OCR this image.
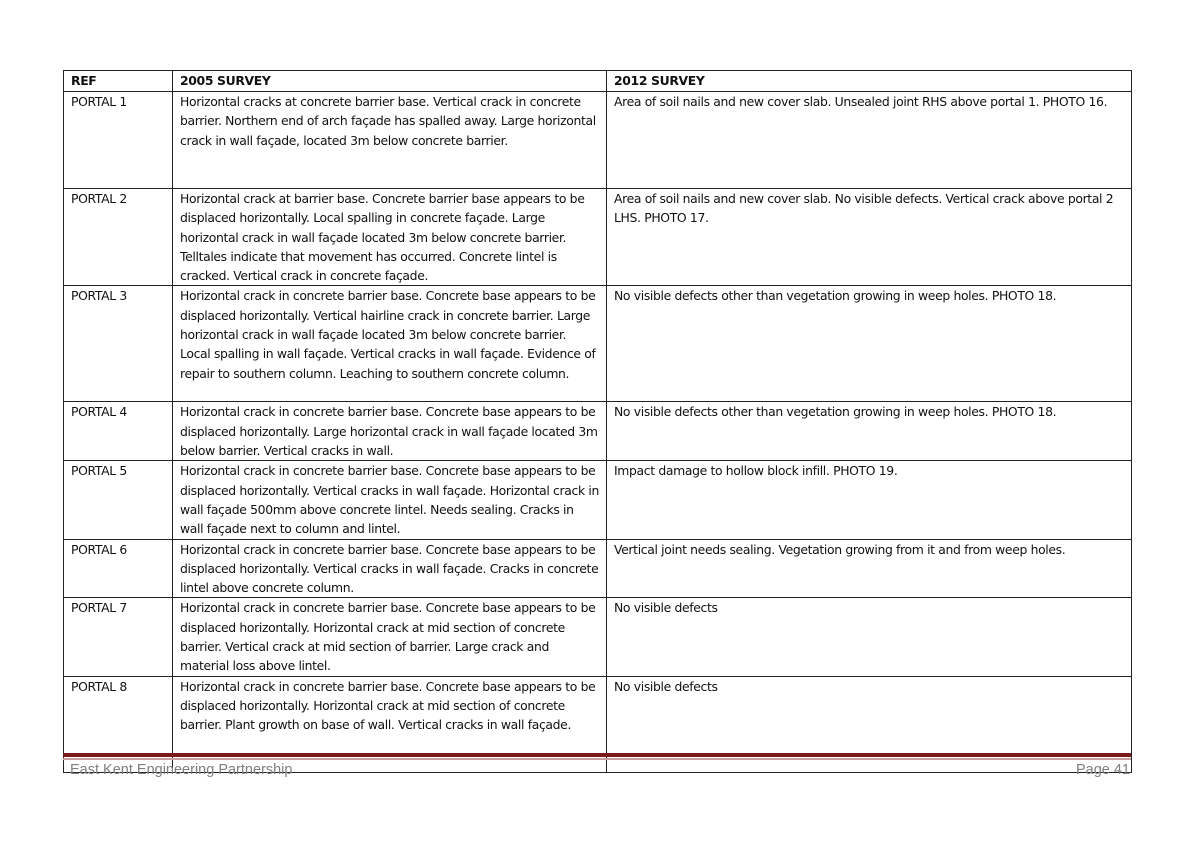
REF	2005 SURVEY	2012 SURVEY
PORTAL 1	Horizontal cracks at concrete barrier base. Vertical crack in concrete barrier. Northern end of arch façade has spalled away. Large horizontal crack in wall façade, located 3m below concrete barrier.	Area of soil nails and new cover slab. Unsealed joint RHS above portal 1. PHOTO 16.
PORTAL 2	Horizontal crack at barrier base. Concrete barrier base appears to be displaced horizontally. Local spalling in concrete façade. Large horizontal crack in wall façade located 3m below concrete barrier. Telltales indicate that movement has occurred. Concrete lintel is cracked. Vertical crack in concrete façade.	Area of soil nails and new cover slab. No visible defects. Vertical crack above portal 2 LHS. PHOTO 17.
PORTAL 3	Horizontal crack in concrete barrier base. Concrete base appears to be displaced horizontally. Vertical hairline crack in concrete barrier. Large horizontal crack in wall façade located 3m below concrete barrier. Local spalling in wall façade. Vertical cracks in wall façade. Evidence of repair to southern column. Leaching to southern concrete column.	No visible defects other than vegetation growing in weep holes. PHOTO 18.
PORTAL 4	Horizontal crack in concrete barrier base. Concrete base appears to be displaced horizontally. Large horizontal crack in wall façade located 3m below barrier. Vertical cracks in wall.	No visible defects other than vegetation growing in weep holes. PHOTO 18.
PORTAL 5	Horizontal crack in concrete barrier base. Concrete base appears to be displaced horizontally. Vertical cracks in wall façade. Horizontal crack in wall façade 500mm above concrete lintel. Needs sealing. Cracks in wall façade next to column and lintel.	Impact damage to hollow block infill. PHOTO 19.
PORTAL 6	Horizontal crack in concrete barrier base. Concrete base appears to be displaced horizontally. Vertical cracks in wall façade. Cracks in concrete lintel above concrete column.	Vertical joint needs sealing. Vegetation growing from it and from weep holes.
PORTAL 7	Horizontal crack in concrete barrier base. Concrete base appears to be displaced horizontally. Horizontal crack at mid section of concrete barrier. Vertical crack at mid section of barrier. Large crack and material loss above lintel.	No visible defects
PORTAL 8	Horizontal crack in concrete barrier base. Concrete base appears to be displaced horizontally. Horizontal crack at mid section of concrete barrier. Plant growth on base of wall. Vertical cracks in wall façade.	No visible defects
East Kent Engineering Partnership	Page 41
